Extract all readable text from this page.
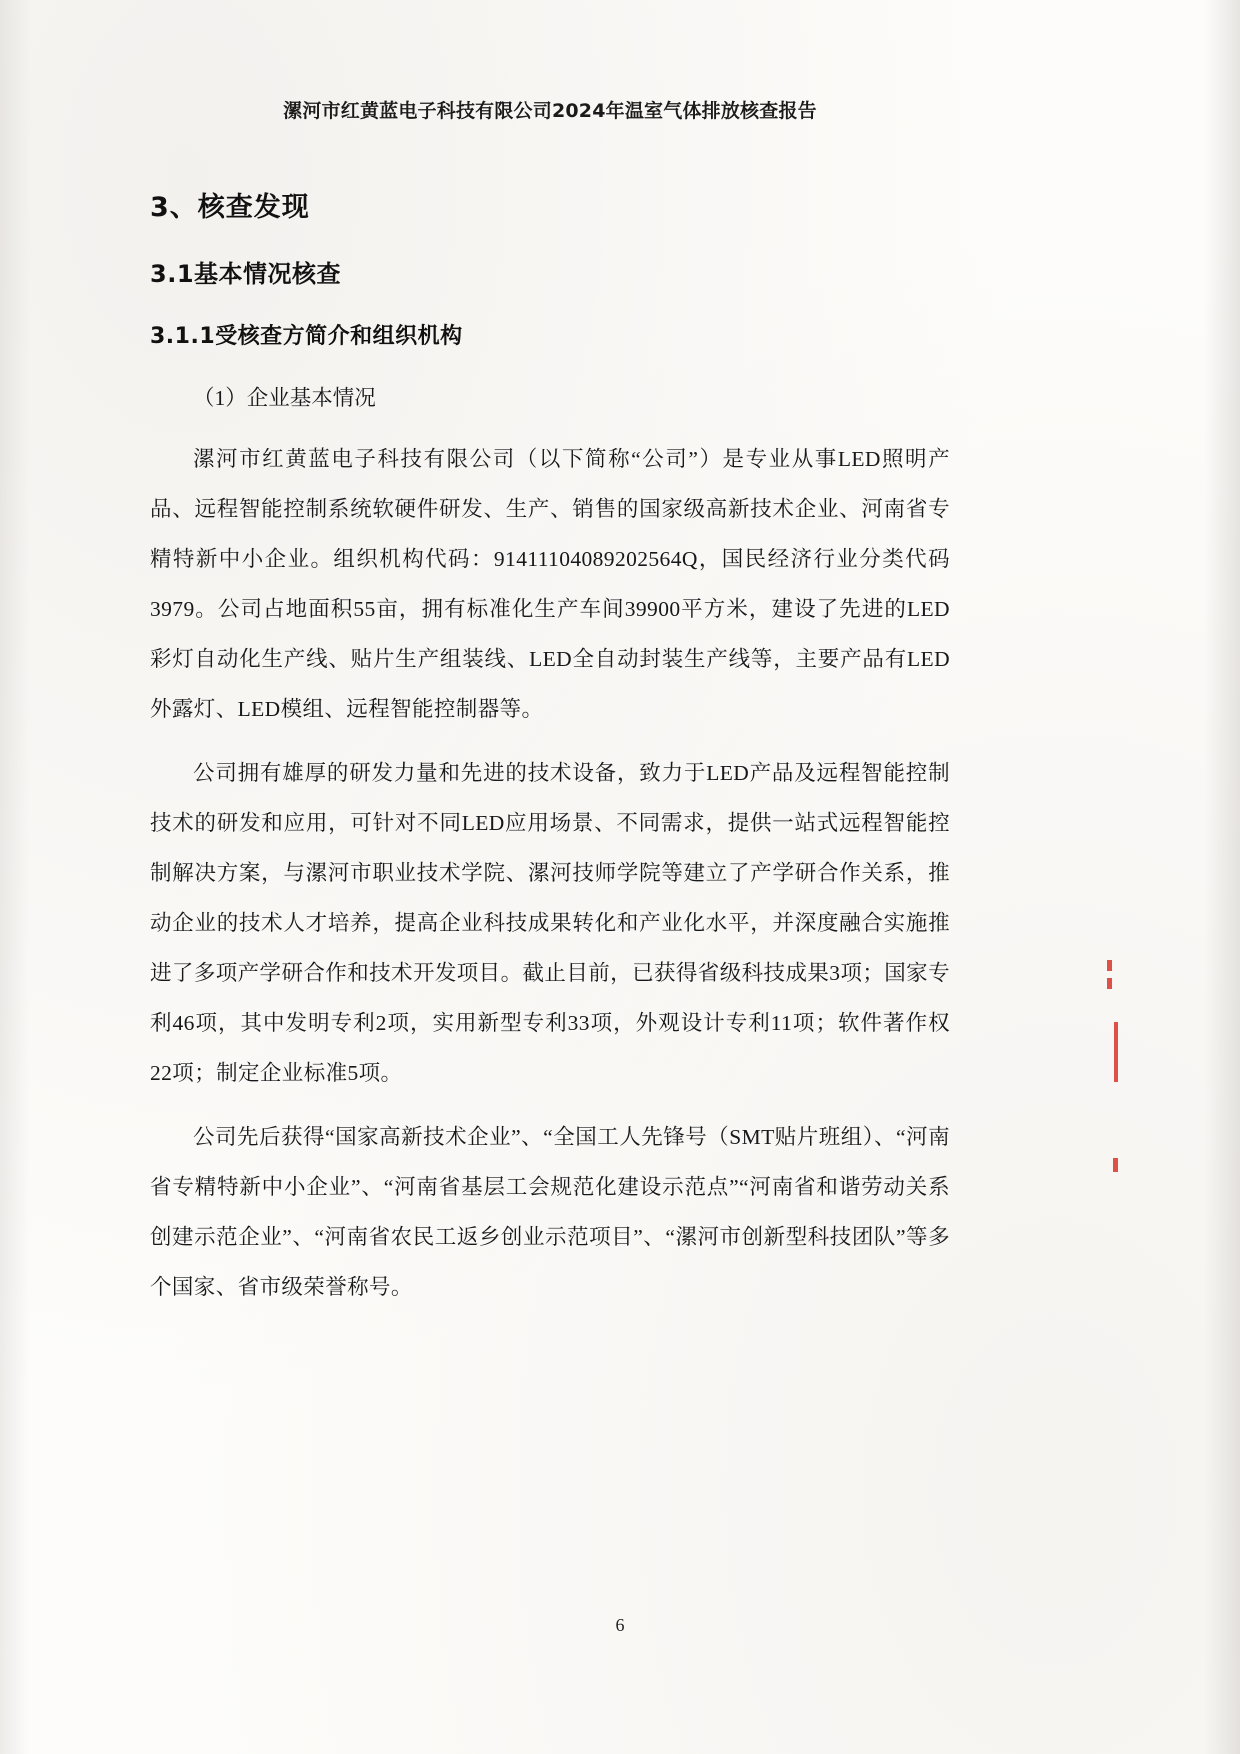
漯河市红黄蓝电子科技有限公司2024年温室气体排放核查报告
3、核查发现
3.1基本情况核查
3.1.1受核查方简介和组织机构

（1）企业基本情况

漯河市红黄蓝电子科技有限公司（以下简称“公司”）是专业从事LED照明产品、远程智能控制系统软硬件研发、生产、销售的国家级高新技术企业、河南省专精特新中小企业。组织机构代码：91411104089202564Q，国民经济行业分类代码3979。公司占地面积55亩，拥有标准化生产车间39900平方米，建设了先进的LED彩灯自动化生产线、贴片生产组装线、LED全自动封装生产线等，主要产品有LED外露灯、LED模组、远程智能控制器等。

公司拥有雄厚的研发力量和先进的技术设备，致力于LED产品及远程智能控制技术的研发和应用，可针对不同LED应用场景、不同需求，提供一站式远程智能控制解决方案，与漯河市职业技术学院、漯河技师学院等建立了产学研合作关系，推动企业的技术人才培养，提高企业科技成果转化和产业化水平，并深度融合实施推进了多项产学研合作和技术开发项目。截止目前，已获得省级科技成果3项；国家专利46项，其中发明专利2项，实用新型专利33项，外观设计专利11项；软件著作权22项；制定企业标准5项。

公司先后获得“国家高新技术企业”、“全国工人先锋号（SMT贴片班组）、“河南省专精特新中小企业”、“河南省基层工会规范化建设示范点”“河南省和谐劳动关系创建示范企业”、“河南省农民工返乡创业示范项目”、“漯河市创新型科技团队”等多个国家、省市级荣誉称号。

6
